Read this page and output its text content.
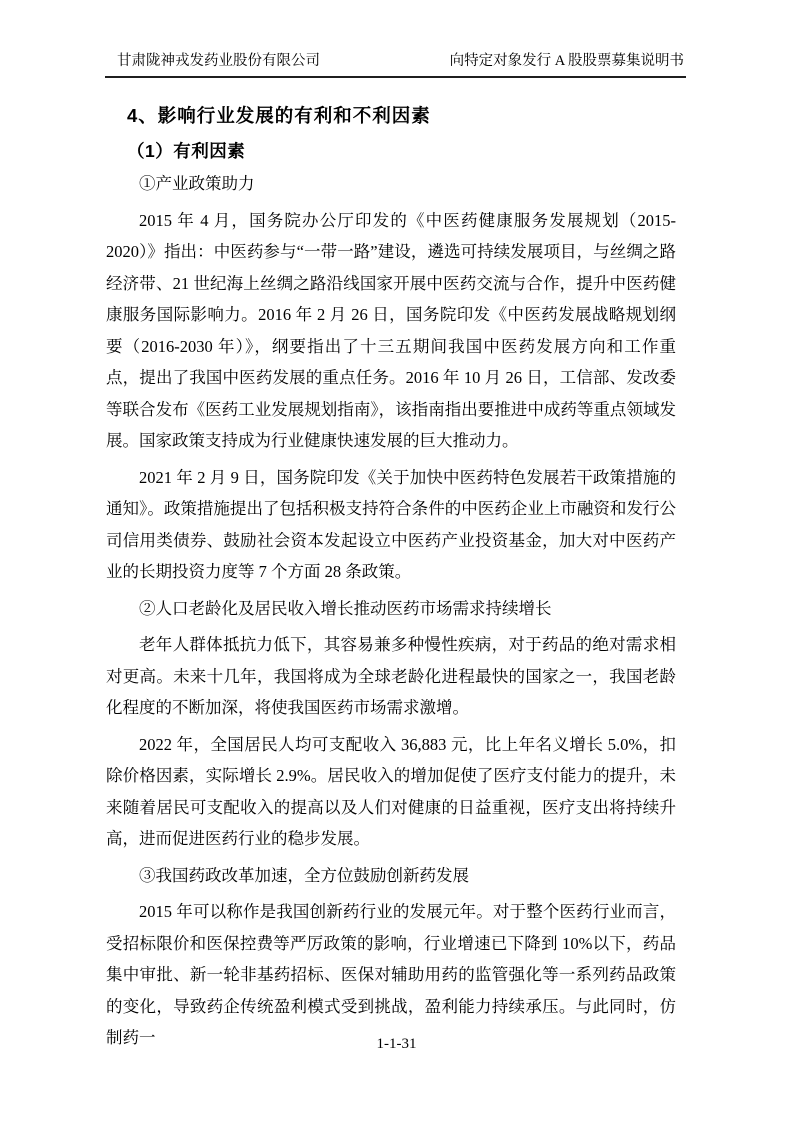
甘肃陇神戎发药业股份有限公司	向特定对象发行 A 股股票募集说明书
4、影响行业发展的有利和不利因素
（1）有利因素

①产业政策助力

2015 年 4 月，国务院办公厅印发的《中医药健康服务发展规划（2015-2020）》指出：中医药参与“一带一路”建设，遴选可持续发展项目，与丝绸之路经济带、21 世纪海上丝绸之路沿线国家开展中医药交流与合作，提升中医药健康服务国际影响力。2016 年 2 月 26 日，国务院印发《中医药发展战略规划纲要（2016-2030 年）》，纲要指出了十三五期间我国中医药发展方向和工作重点，提出了我国中医药发展的重点任务。2016 年 10 月 26 日，工信部、发改委等联合发布《医药工业发展规划指南》，该指南指出要推进中成药等重点领域发展。国家政策支持成为行业健康快速发展的巨大推动力。

2021 年 2 月 9 日，国务院印发《关于加快中医药特色发展若干政策措施的通知》。政策措施提出了包括积极支持符合条件的中医药企业上市融资和发行公司信用类债券、鼓励社会资本发起设立中医药产业投资基金，加大对中医药产业的长期投资力度等 7 个方面 28 条政策。

②人口老龄化及居民收入增长推动医药市场需求持续增长

老年人群体抵抗力低下，其容易兼多种慢性疾病，对于药品的绝对需求相对更高。未来十几年，我国将成为全球老龄化进程最快的国家之一，我国老龄化程度的不断加深，将使我国医药市场需求激增。

2022 年，全国居民人均可支配收入 36,883 元，比上年名义增长 5.0%，扣除价格因素，实际增长 2.9%。居民收入的增加促使了医疗支付能力的提升，未来随着居民可支配收入的提高以及人们对健康的日益重视，医疗支出将持续升高，进而促进医药行业的稳步发展。

③我国药政改革加速，全方位鼓励创新药发展

2015 年可以称作是我国创新药行业的发展元年。对于整个医药行业而言，受招标限价和医保控费等严厉政策的影响，行业增速已下降到 10%以下，药品集中审批、新一轮非基药招标、医保对辅助用药的监管强化等一系列药品政策的变化，导致药企传统盈利模式受到挑战，盈利能力持续承压。与此同时，仿制药一	1-1-31
